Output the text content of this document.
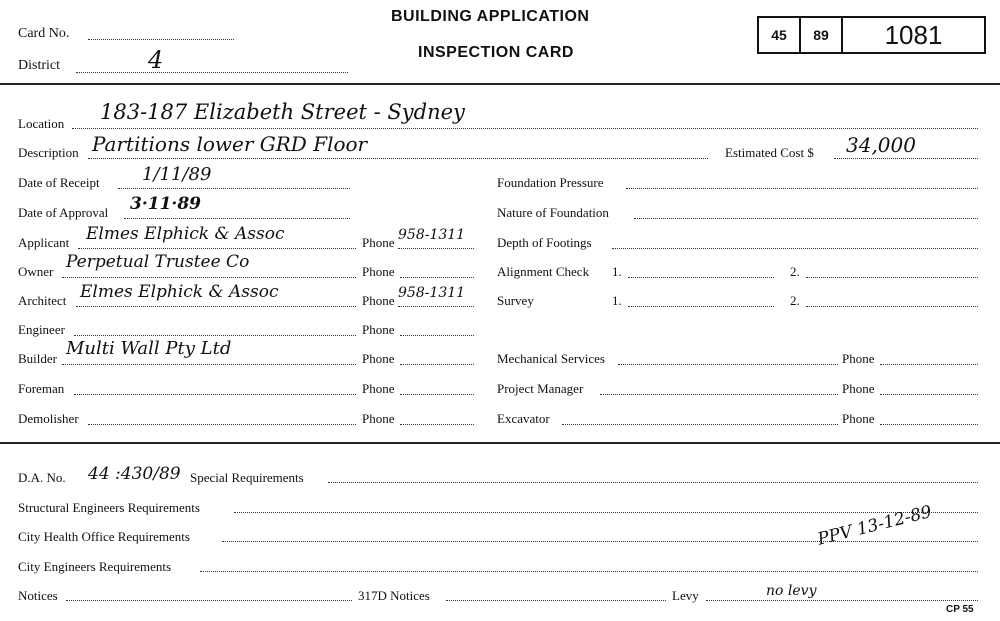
Card No.
District	4
BUILDING APPLICATION
INSPECTION CARD
45 89 1081
Location 183-187 Elizabeth Street - Sydney
Description Partitions lower GRD Floor	Estimated Cost $ 34,000
Date of Receipt 1/11/89
Date of Approval 3·11·89
Applicant Elmes Elphick & Assoc	Phone 958-1311
Owner Perpetual Trustee Co	Phone
Architect Elmes Elphick & Assoc	Phone 958-1311
Engineer	Phone
Builder Multi Wall Pty Ltd	Phone
Foreman	Phone
Demolisher	Phone
Foundation Pressure
Nature of Foundation
Depth of Footings
Alignment Check 1.	2.
Survey	1.	2.
Mechanical Services	Phone
Project Manager	Phone
Excavator	Phone
D.A. No. 44 :430/89 Special Requirements
Structural Engineers Requirements
City Health Office Requirements
City Engineers Requirements
PPV 13-12-89
Notices	317D Notices	Levy	no levy
CP 55
